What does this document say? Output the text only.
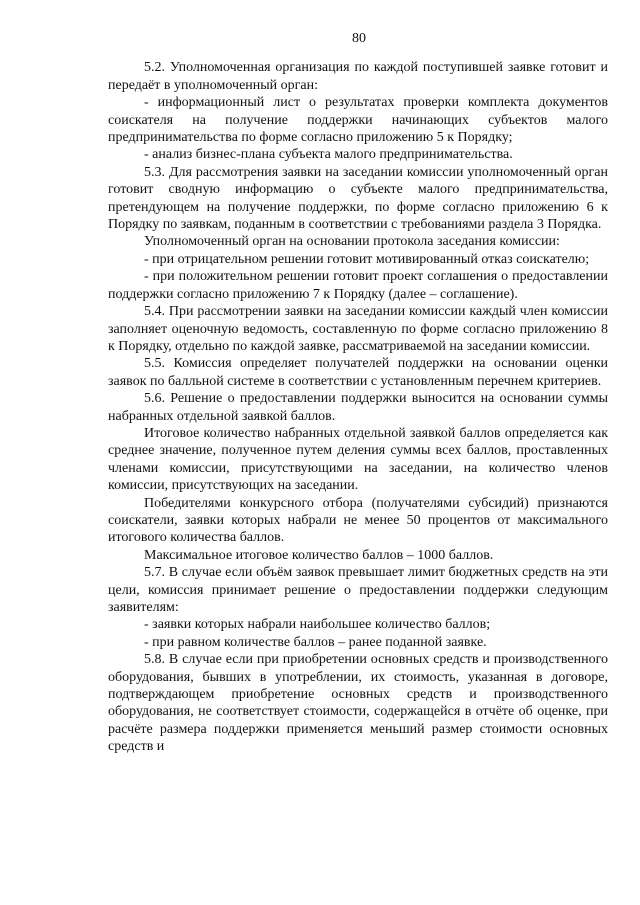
80

5.2. Уполномоченная организация по каждой поступившей заявке готовит и передаёт в уполномоченный орган:

- информационный лист о результатах проверки комплекта документов соискателя на получение поддержки начинающих субъектов малого предпринимательства по форме согласно приложению 5 к Порядку;

- анализ бизнес-плана субъекта малого предпринимательства.

5.3. Для рассмотрения заявки на заседании комиссии уполномоченный орган готовит сводную информацию о субъекте малого предпринимательства, претендующем на получение поддержки, по форме согласно приложению 6 к Порядку по заявкам, поданным в соответствии с требованиями раздела 3 Порядка.

Уполномоченный орган на основании протокола заседания комиссии:

- при отрицательном решении готовит мотивированный отказ соискателю;

- при положительном решении готовит проект соглашения о предоставлении поддержки согласно приложению 7 к Порядку (далее – соглашение).

5.4. При рассмотрении заявки на заседании комиссии каждый член комиссии заполняет оценочную ведомость, составленную по форме согласно приложению 8 к Порядку, отдельно по каждой заявке, рассматриваемой на заседании комиссии.

5.5. Комиссия определяет получателей поддержки на основании оценки заявок по балльной системе в соответствии с установленным перечнем критериев.

5.6. Решение о предоставлении поддержки выносится на основании суммы набранных отдельной заявкой баллов.

Итоговое количество набранных отдельной заявкой баллов определяется как среднее значение, полученное путем деления суммы всех баллов, проставленных членами комиссии, присутствующими на заседании, на количество членов комиссии, присутствующих на заседании.

Победителями конкурсного отбора (получателями субсидий) признаются соискатели, заявки которых набрали не менее 50 процентов от максимального итогового количества баллов.

Максимальное итоговое количество баллов – 1000 баллов.

5.7. В случае если объём заявок превышает лимит бюджетных средств на эти цели, комиссия принимает решение о предоставлении поддержки следующим заявителям:

- заявки которых набрали наибольшее количество баллов;

- при равном количестве баллов – ранее поданной заявке.

5.8. В случае если при приобретении основных средств и производственного оборудования, бывших в употреблении, их стоимость, указанная в договоре, подтверждающем приобретение основных средств и производственного оборудования, не соответствует стоимости, содержащейся в отчёте об оценке, при расчёте размера поддержки применяется меньший размер стоимости основных средств и
